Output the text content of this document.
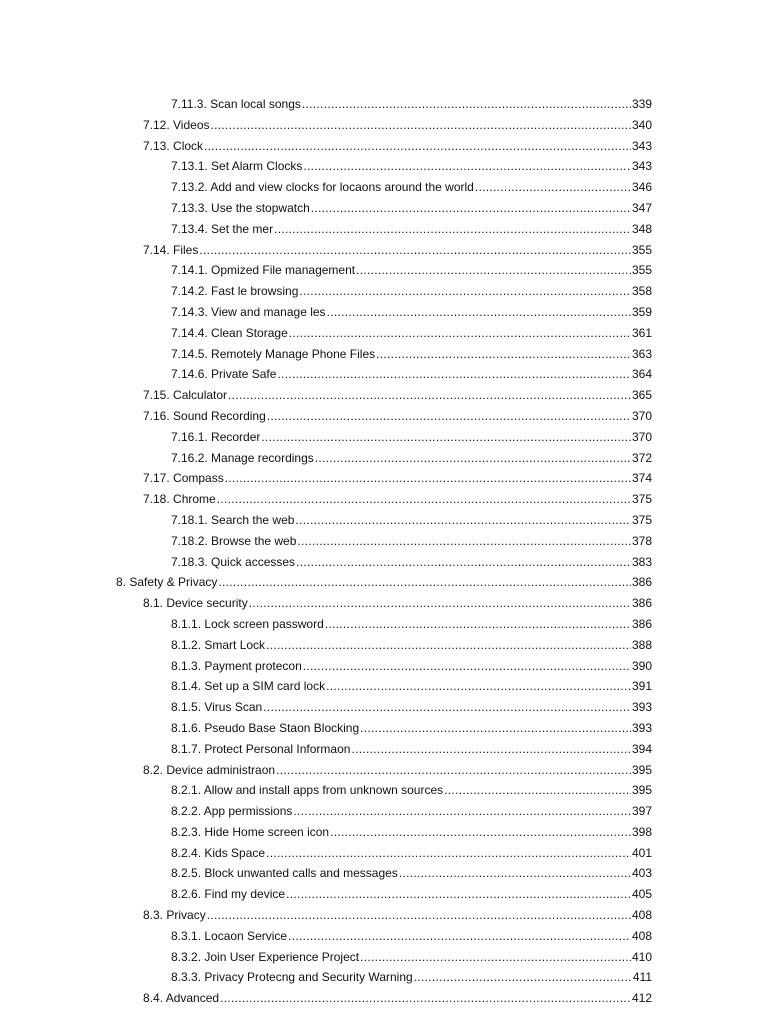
7.11.3. Scan local songs .....	339
7.12. Videos .....	340
7.13. Clock .....	343
7.13.1. Set Alarm Clocks .....	343
7.13.2. Add and view clocks for locaons around the world .....	346
7.13.3. Use the stopwatch .....	347
7.13.4. Set the mer .....	348
7.14. Files .....	355
7.14.1. Opmized File management .....	355
7.14.2. Fast le browsing .....	358
7.14.3. View and manage les .....	359
7.14.4. Clean Storage .....	361
7.14.5. Remotely Manage Phone Files .....	363
7.14.6. Private Safe .....	364
7.15. Calculator .....	365
7.16. Sound Recording .....	370
7.16.1. Recorder .....	370
7.16.2. Manage recordings .....	372
7.17. Compass .....	374
7.18. Chrome .....	375
7.18.1. Search the web .....	375
7.18.2. Browse the web .....	378
7.18.3. Quick accesses .....	383
8. Safety & Privacy .....	386
8.1. Device security .....	386
8.1.1. Lock screen password .....	386
8.1.2. Smart Lock .....	388
8.1.3. Payment protecon .....	390
8.1.4. Set up a SIM card lock .....	391
8.1.5. Virus Scan .....	393
8.1.6. Pseudo Base Staon Blocking .....	393
8.1.7. Protect Personal Informaon .....	394
8.2. Device administraon .....	395
8.2.1. Allow and install apps from unknown sources .....	395
8.2.2. App permissions .....	397
8.2.3. Hide Home screen icon .....	398
8.2.4. Kids Space .....	401
8.2.5. Block unwanted calls and messages .....	403
8.2.6. Find my device .....	405
8.3. Privacy .....	408
8.3.1. Locaon Service .....	408
8.3.2. Join User Experience Project .....	410
8.3.3. Privacy Protecng and Security Warning .....	411
8.4. Advanced .....	412
